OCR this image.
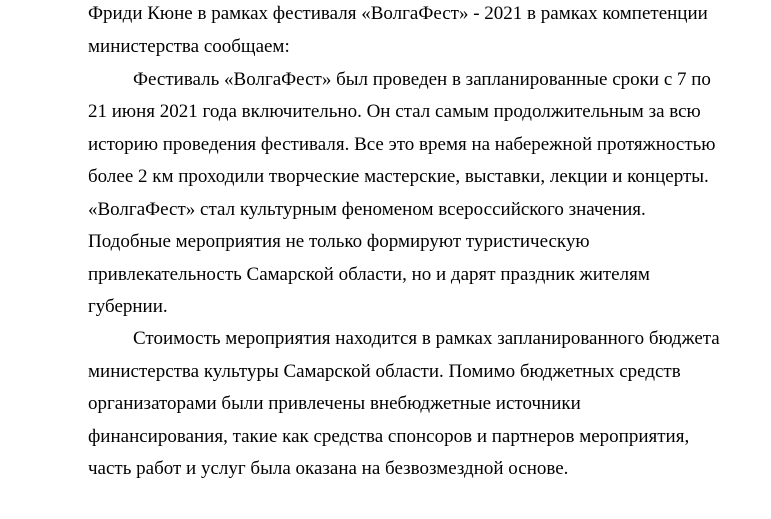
Фриди Кюне в рамках фестиваля «ВолгаФест» - 2021 в рамках компетенции
министерства сообщаем:
Фестиваль «ВолгаФест» был проведен в запланированные сроки с 7 по
21 июня 2021 года включительно. Он стал самым продолжительным за всю
историю проведения фестиваля. Все это время на набережной протяжностью
более 2 км проходили творческие мастерские, выставки, лекции и концерты.
«ВолгаФест» стал культурным феноменом всероссийского значения.
Подобные мероприятия не только формируют туристическую
привлекательность Самарской области, но и дарят праздник жителям
губернии.
Стоимость мероприятия находится в рамках запланированного бюджета
министерства культуры Самарской области. Помимо бюджетных средств
организаторами были привлечены внебюджетные источники
финансирования, такие как средства спонсоров и партнеров мероприятия,
часть работ и услуг была оказана на безвозмездной основе.
